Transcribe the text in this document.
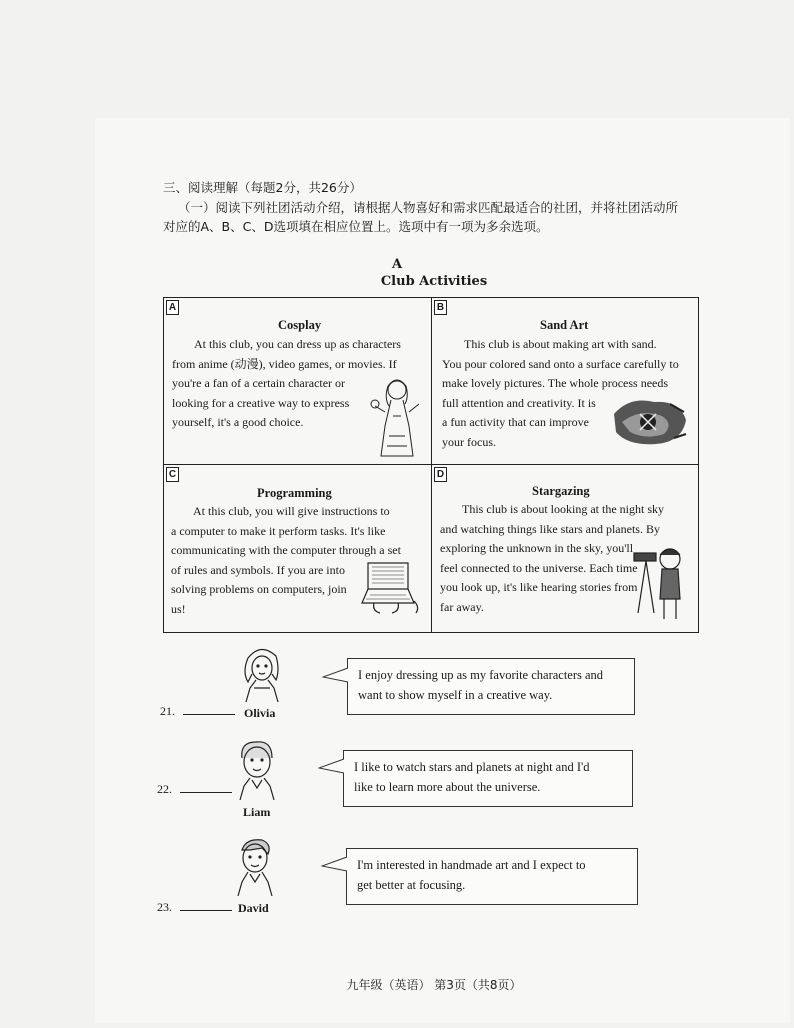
三、阅读理解（每题2分，共26分）
（一）阅读下列社团活动介绍，请根据人物喜好和需求匹配最适合的社团，并将社团活动所
对应的A、B、C、D选项填在相应位置上。选项中有一项为多余选项。
A
Club Activities
A
Cosplay
At this club, you can dress up as characters
from anime (动漫), video games, or movies. If
you're a fan of a certain character or
looking for a creative way to express
yourself, it's a good choice.
B
Sand Art
This club is about making art with sand.
You pour colored sand onto a surface carefully to
make lovely pictures. The whole process needs
full attention and creativity. It is
a fun activity that can improve
your focus.
C
Programming
At this club, you will give instructions to
a computer to make it perform tasks. It's like
communicating with the computer through a set
of rules and symbols. If you are into
solving problems on computers, join
us!
D
Stargazing
This club is about looking at the night sky
and watching things like stars and planets. By
exploring the unknown in the sky, you'll
feel connected to the universe. Each time
you look up, it's like hearing stories from
far away.
21.	Olivia
I enjoy dressing up as my favorite characters and
want to show myself in a creative way.
22.
Liam
I like to watch stars and planets at night and I'd
like to learn more about the universe.
23.	David
I'm interested in handmade art and I expect to
get better at focusing.
九年级（英语） 第3页（共8页）
